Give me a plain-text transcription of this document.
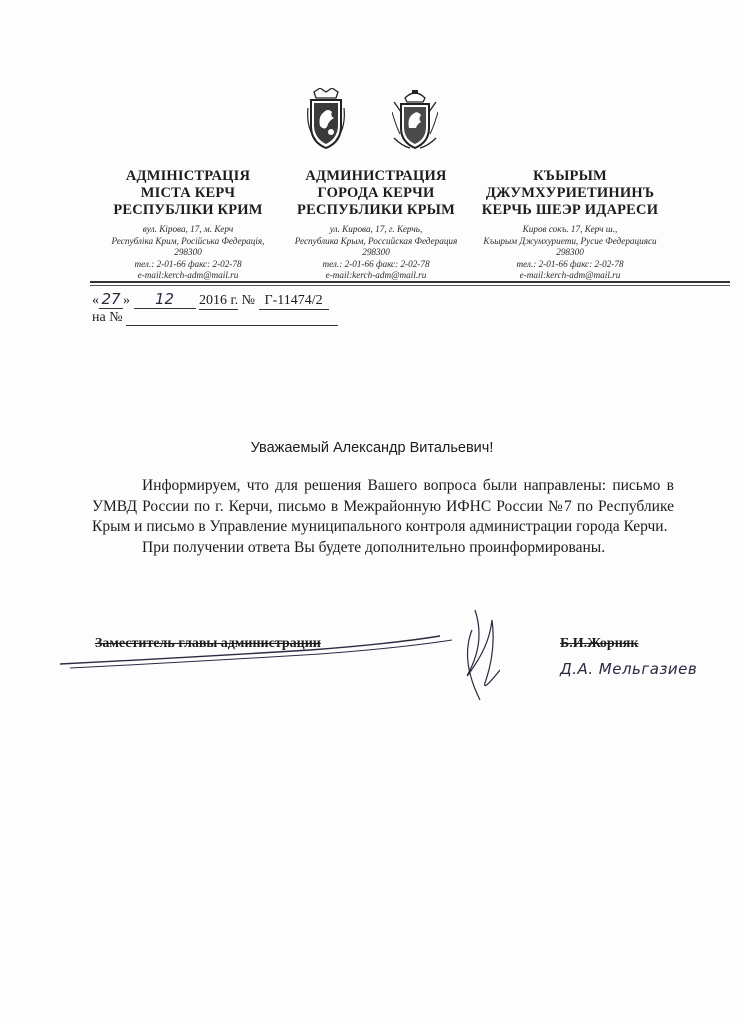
АДМІНІСТРАЦІЯ
МІСТА КЕРЧ
РЕСПУБЛІКИ КРИМ
вул. Кірова, 17, м. Керч
Республіка Крим, Російська Федерація,
298300
тел.: 2-01-66 факс: 2-02-78
e-mail:kerch-adm@mail.ru
АДМИНИСТРАЦИЯ
ГОРОДА КЕРЧИ
РЕСПУБЛИКИ КРЫМ
ул. Кирова, 17, г. Керчь,
Республика Крым, Российская Федерация
298300
тел.: 2-01-66 факс: 2-02-78
e-mail:kerch-adm@mail.ru
КЪЫРЫМ
ДЖУМХУРИЕТИНИНЪ
КЕРЧЬ ШЕЭР ИДАРЕСИ
Киров сокъ. 17, Керч ш.,
Къырым Джумхуриети, Русие Федерацияси
298300
тел.: 2-01-66 факс: 2-02-78
e-mail:kerch-adm@mail.ru
« 27 » 12 2016 г. № Г-11474/2
на №
Уважаемый Александр Витальевич!

Информируем, что для решения Вашего вопроса были направлены: письмо в УМВД России по г. Керчи, письмо в Межрайонную ИФНС России №7 по Республике Крым и письмо в Управление муниципального контроля администрации города Керчи.

При получении ответа Вы будете дополнительно проинформированы.

Заместитель главы администрации	Б.И.Жорняк
Д.А. Мельгазиев
